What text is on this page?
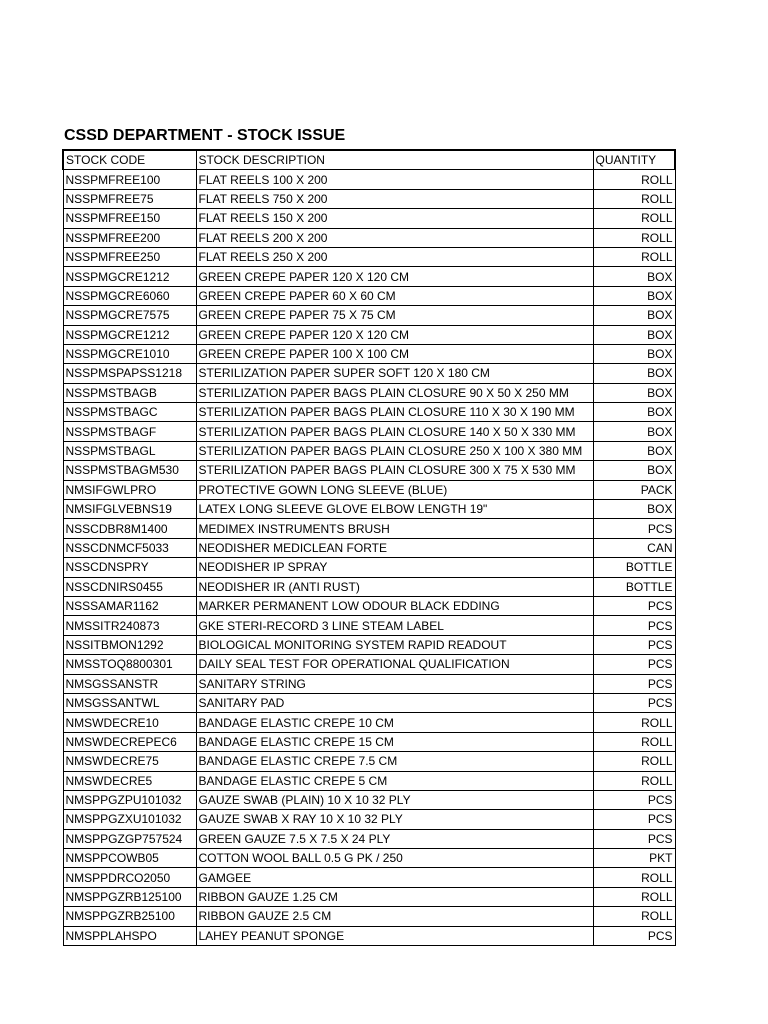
CSSD DEPARTMENT - STOCK ISSUE
STOCK CODE	STOCK DESCRIPTION	QUANTITY
NSSPMFREE100	FLAT REELS 100 X 200	ROLL
NSSPMFREE75	FLAT REELS 750 X 200	ROLL
NSSPMFREE150	FLAT REELS 150 X 200	ROLL
NSSPMFREE200	FLAT REELS 200 X 200	ROLL
NSSPMFREE250	FLAT REELS 250 X 200	ROLL
NSSPMGCRE1212	GREEN CREPE PAPER 120 X 120 CM	BOX
NSSPMGCRE6060	GREEN CREPE PAPER 60 X 60 CM	BOX
NSSPMGCRE7575	GREEN CREPE PAPER 75 X 75 CM	BOX
NSSPMGCRE1212	GREEN CREPE PAPER 120 X 120 CM	BOX
NSSPMGCRE1010	GREEN CREPE PAPER 100 X 100 CM	BOX
NSSPMSPAPSS1218	STERILIZATION PAPER SUPER SOFT 120 X 180 CM	BOX
NSSPMSTBAGB	STERILIZATION PAPER BAGS PLAIN CLOSURE 90 X 50 X 250 MM	BOX
NSSPMSTBAGC	STERILIZATION PAPER BAGS PLAIN CLOSURE 110 X 30 X 190 MM	BOX
NSSPMSTBAGF	STERILIZATION PAPER BAGS PLAIN CLOSURE 140 X 50 X 330 MM	BOX
NSSPMSTBAGL	STERILIZATION PAPER BAGS PLAIN CLOSURE 250 X 100 X 380 MM	BOX
NSSPMSTBAGM530	STERILIZATION PAPER BAGS PLAIN CLOSURE 300 X 75 X 530 MM	BOX
NMSIFGWLPRO	PROTECTIVE GOWN LONG SLEEVE (BLUE)	PACK
NMSIFGLVEBNS19	LATEX LONG SLEEVE GLOVE ELBOW LENGTH 19"	BOX
NSSCDBR8M1400	MEDIMEX INSTRUMENTS BRUSH	PCS
NSSCDNMCF5033	NEODISHER MEDICLEAN FORTE	CAN
NSSCDNSPRY	NEODISHER IP SPRAY	BOTTLE
NSSCDNIRS0455	NEODISHER IR (ANTI RUST)	BOTTLE
NSSSAMAR1162	MARKER PERMANENT LOW ODOUR BLACK EDDING	PCS
NMSSITR240873	GKE STERI-RECORD 3 LINE STEAM LABEL	PCS
NSSITBMON1292	BIOLOGICAL MONITORING SYSTEM RAPID READOUT	PCS
NMSSTOQ8800301	DAILY SEAL TEST FOR OPERATIONAL QUALIFICATION	PCS
NMSGSSANSTR	SANITARY STRING	PCS
NMSGSSANTWL	SANITARY PAD	PCS
NMSWDECRE10	BANDAGE ELASTIC CREPE 10 CM	ROLL
NMSWDECREPEC6	BANDAGE ELASTIC CREPE 15 CM	ROLL
NMSWDECRE75	BANDAGE ELASTIC CREPE 7.5 CM	ROLL
NMSWDECRE5	BANDAGE ELASTIC CREPE 5 CM	ROLL
NMSPPGZPU101032	GAUZE SWAB (PLAIN) 10 X 10 32 PLY	PCS
NMSPPGZXU101032	GAUZE SWAB X RAY 10 X 10 32 PLY	PCS
NMSPPGZGP757524	GREEN GAUZE 7.5 X 7.5 X 24 PLY	PCS
NMSPPCOWB05	COTTON WOOL BALL 0.5 G PK / 250	PKT
NMSPPDRCO2050	GAMGEE	ROLL
NMSPPGZRB125100	RIBBON GAUZE 1.25 CM	ROLL
NMSPPGZRB25100	RIBBON GAUZE 2.5 CM	ROLL
NMSPPLAHSPO	LAHEY PEANUT SPONGE	PCS
